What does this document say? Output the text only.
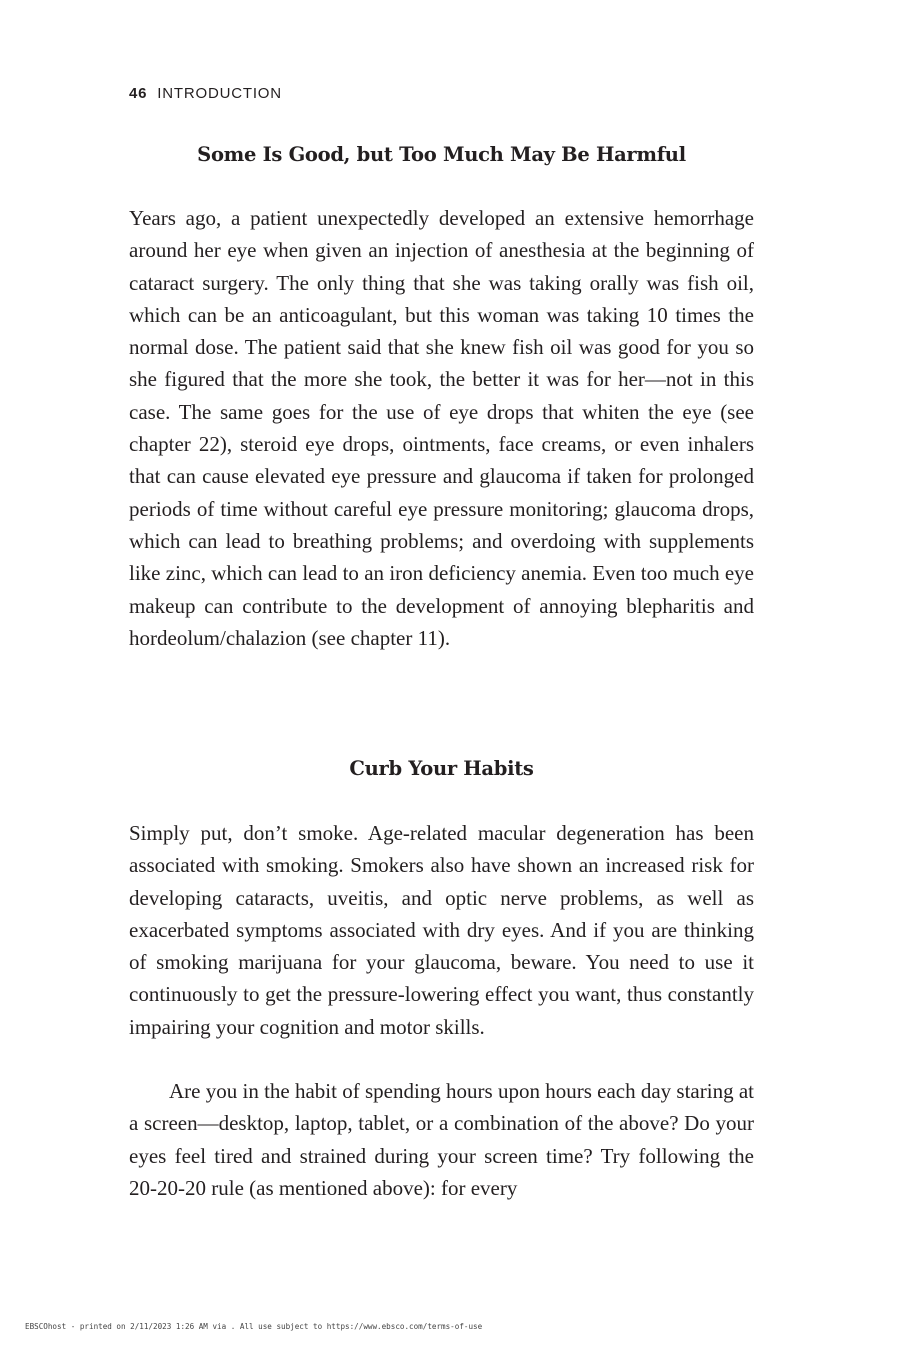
46 INTRODUCTION
Some Is Good, but Too Much May Be Harmful

Years ago, a patient unexpectedly developed an extensive hemorrhage around her eye when given an injection of anesthesia at the beginning of cataract surgery. The only thing that she was taking orally was fish oil, which can be an anticoagulant, but this woman was taking 10 times the normal dose. The patient said that she knew fish oil was good for you so she figured that the more she took, the better it was for her—not in this case. The same goes for the use of eye drops that whiten the eye (see chapter 22), steroid eye drops, ointments, face creams, or even inhalers that can cause elevated eye pressure and glaucoma if taken for prolonged periods of time without careful eye pressure monitoring; glaucoma drops, which can lead to breathing problems; and overdoing with supplements like zinc, which can lead to an iron deficiency anemia. Even too much eye makeup can contribute to the development of annoying blepharitis and hordeolum/chalazion (see chapter 11).

Curb Your Habits

Simply put, don’t smoke. Age-related macular degeneration has been associated with smoking. Smokers also have shown an increased risk for developing cataracts, uveitis, and optic nerve problems, as well as exacerbated symptoms associated with dry eyes. And if you are thinking of smoking marijuana for your glaucoma, beware. You need to use it continuously to get the pressure-lowering effect you want, thus constantly impairing your cognition and motor skills.

Are you in the habit of spending hours upon hours each day staring at a screen—desktop, laptop, tablet, or a combination of the above? Do your eyes feel tired and strained during your screen time? Try following the 20-20-20 rule (as mentioned above): for every

EBSCOhost - printed on 2/11/2023 1:26 AM via . All use subject to https://www.ebsco.com/terms-of-use
